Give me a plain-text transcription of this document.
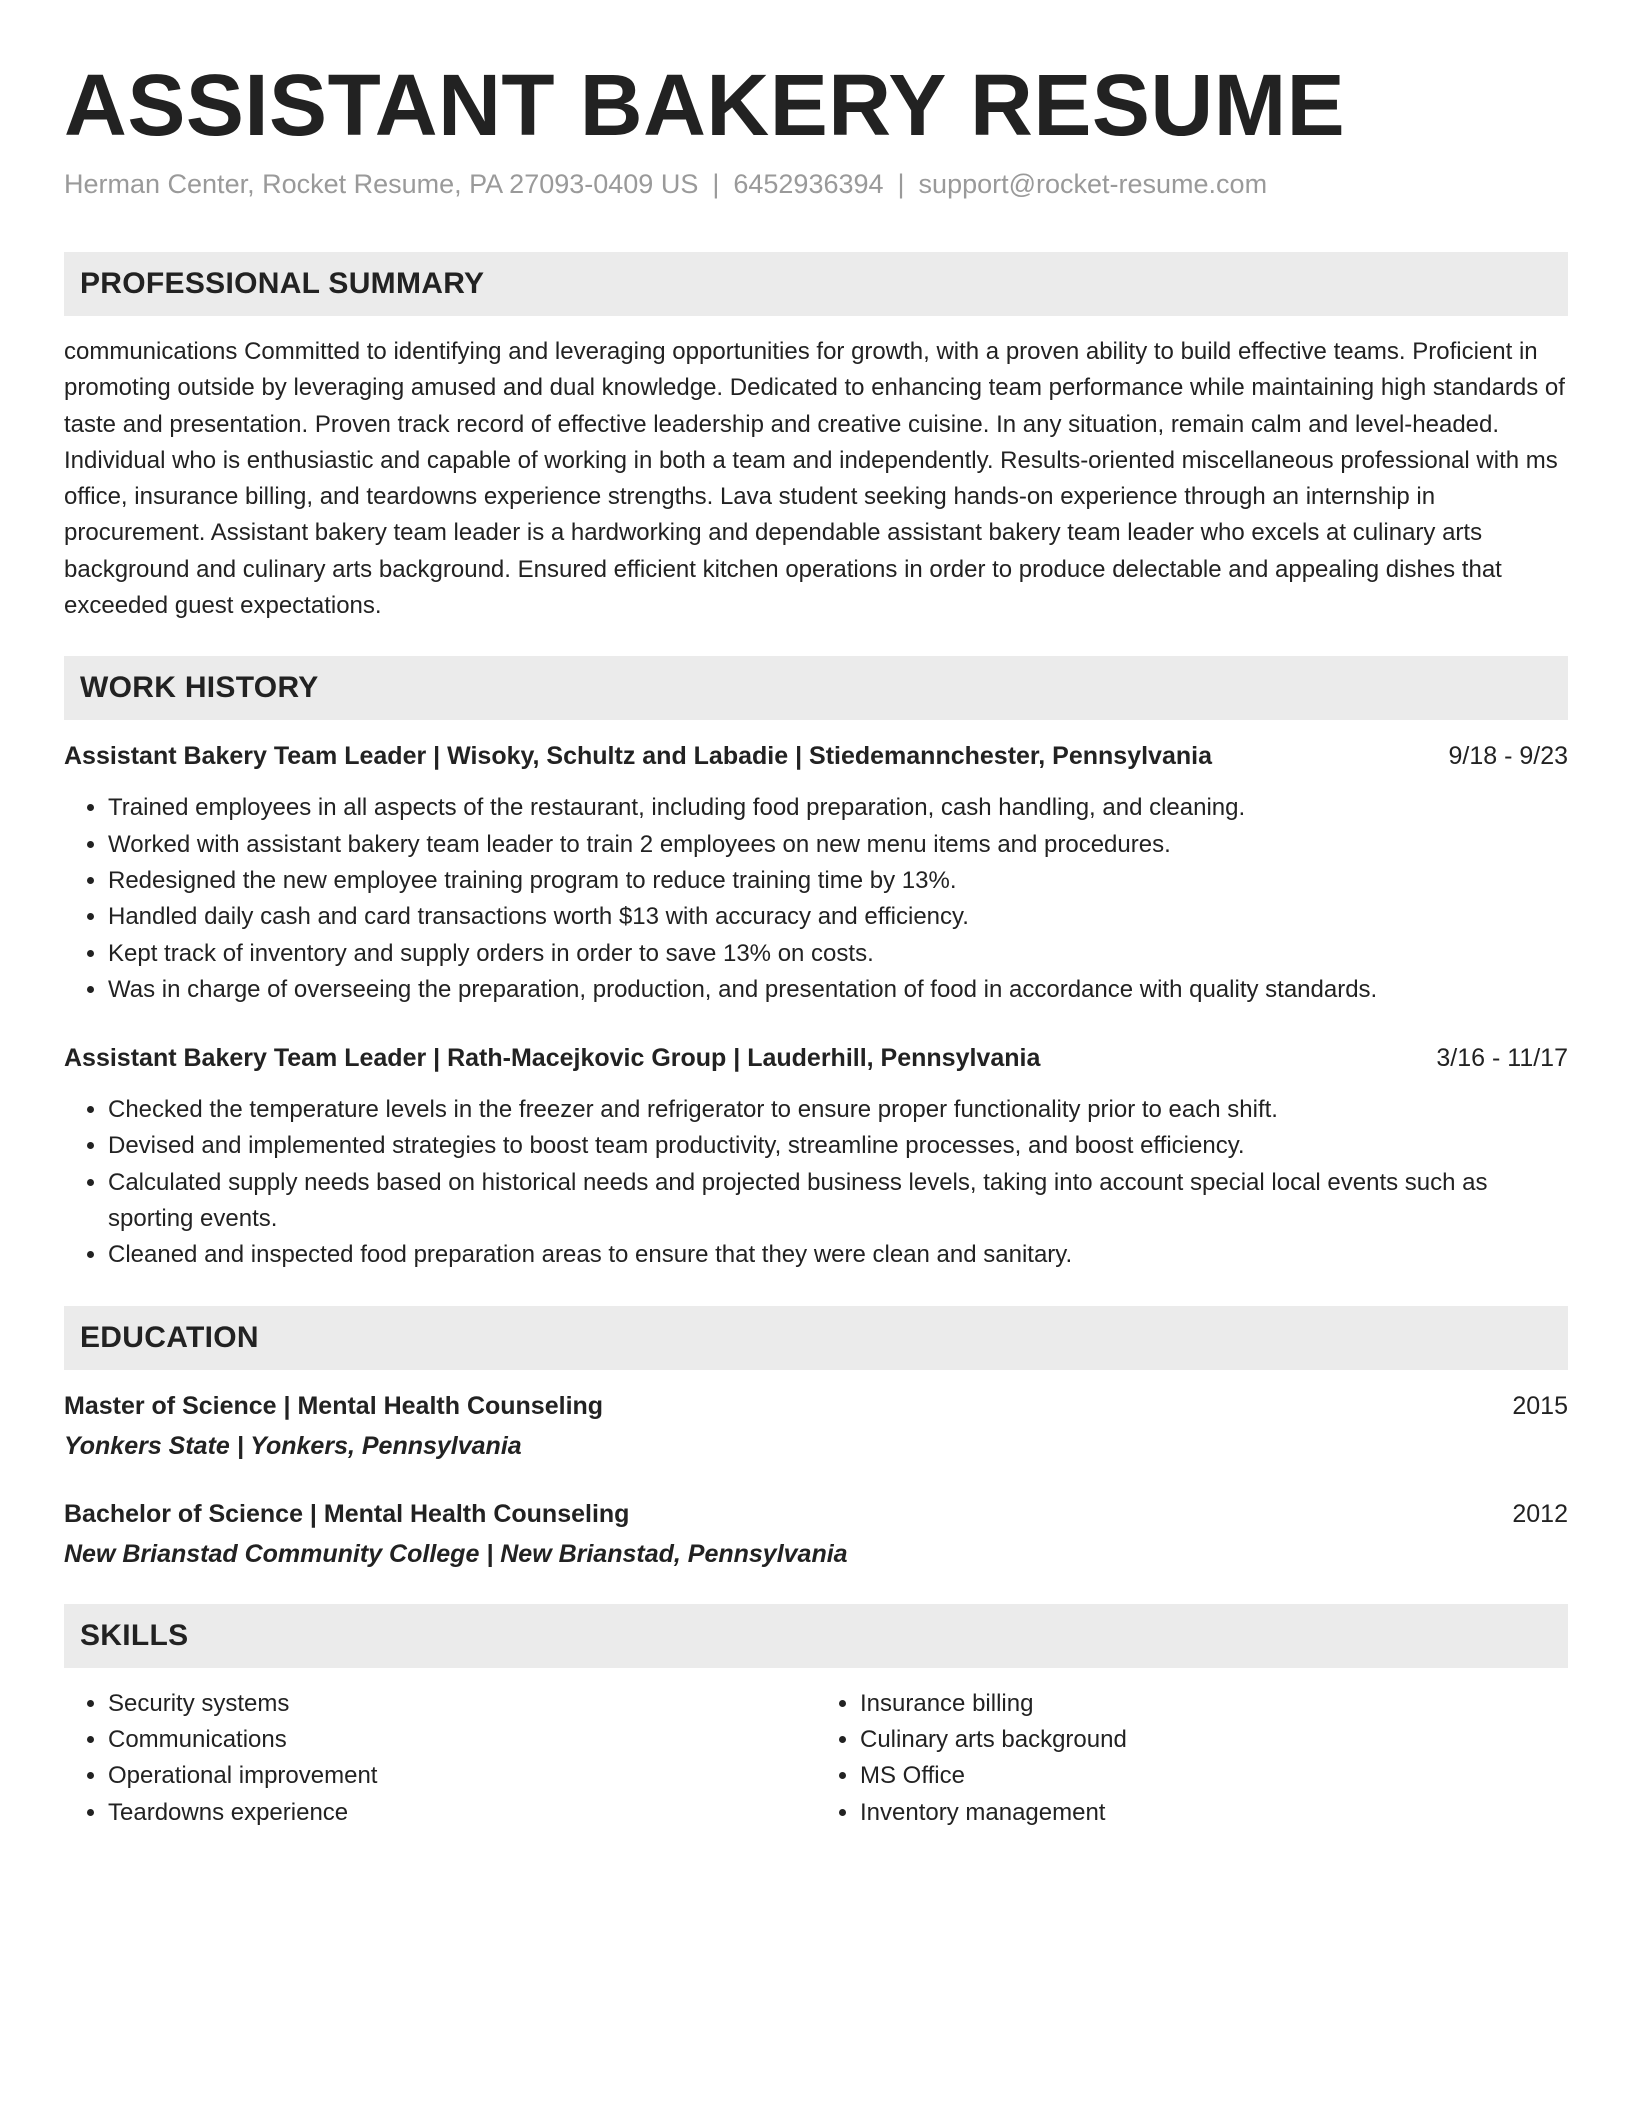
ASSISTANT BAKERY RESUME
Herman Center, Rocket Resume, PA 27093-0409 US | 6452936394 | support@rocket-resume.com
PROFESSIONAL SUMMARY

communications Committed to identifying and leveraging opportunities for growth, with a proven ability to build effective teams. Proficient in promoting outside by leveraging amused and dual knowledge. Dedicated to enhancing team performance while maintaining high standards of taste and presentation. Proven track record of effective leadership and creative cuisine. In any situation, remain calm and level-headed. Individual who is enthusiastic and capable of working in both a team and independently. Results-oriented miscellaneous professional with ms office, insurance billing, and teardowns experience strengths. Lava student seeking hands-on experience through an internship in procurement. Assistant bakery team leader is a hardworking and dependable assistant bakery team leader who excels at culinary arts background and culinary arts background. Ensured efficient kitchen operations in order to produce delectable and appealing dishes that exceeded guest expectations.

WORK HISTORY
Assistant Bakery Team Leader | Wisoky, Schultz and Labadie | Stiedemannchester, Pennsylvania	9/18 - 9/23
• Trained employees in all aspects of the restaurant, including food preparation, cash handling, and cleaning.
• Worked with assistant bakery team leader to train 2 employees on new menu items and procedures.
• Redesigned the new employee training program to reduce training time by 13%.
• Handled daily cash and card transactions worth $13 with accuracy and efficiency.
• Kept track of inventory and supply orders in order to save 13% on costs.
• Was in charge of overseeing the preparation, production, and presentation of food in accordance with quality standards.
Assistant Bakery Team Leader | Rath-Macejkovic Group | Lauderhill, Pennsylvania	3/16 - 11/17
• Checked the temperature levels in the freezer and refrigerator to ensure proper functionality prior to each shift.
• Devised and implemented strategies to boost team productivity, streamline processes, and boost efficiency.
• Calculated supply needs based on historical needs and projected business levels, taking into account special local events such as sporting events.
• Cleaned and inspected food preparation areas to ensure that they were clean and sanitary.
EDUCATION
Master of Science | Mental Health Counseling	2015
Yonkers State | Yonkers, Pennsylvania
Bachelor of Science | Mental Health Counseling	2012
New Brianstad Community College | New Brianstad, Pennsylvania
SKILLS
• Security systems
• Communications
• Operational improvement
• Teardowns experience
• Insurance billing
• Culinary arts background
• MS Office
• Inventory management
